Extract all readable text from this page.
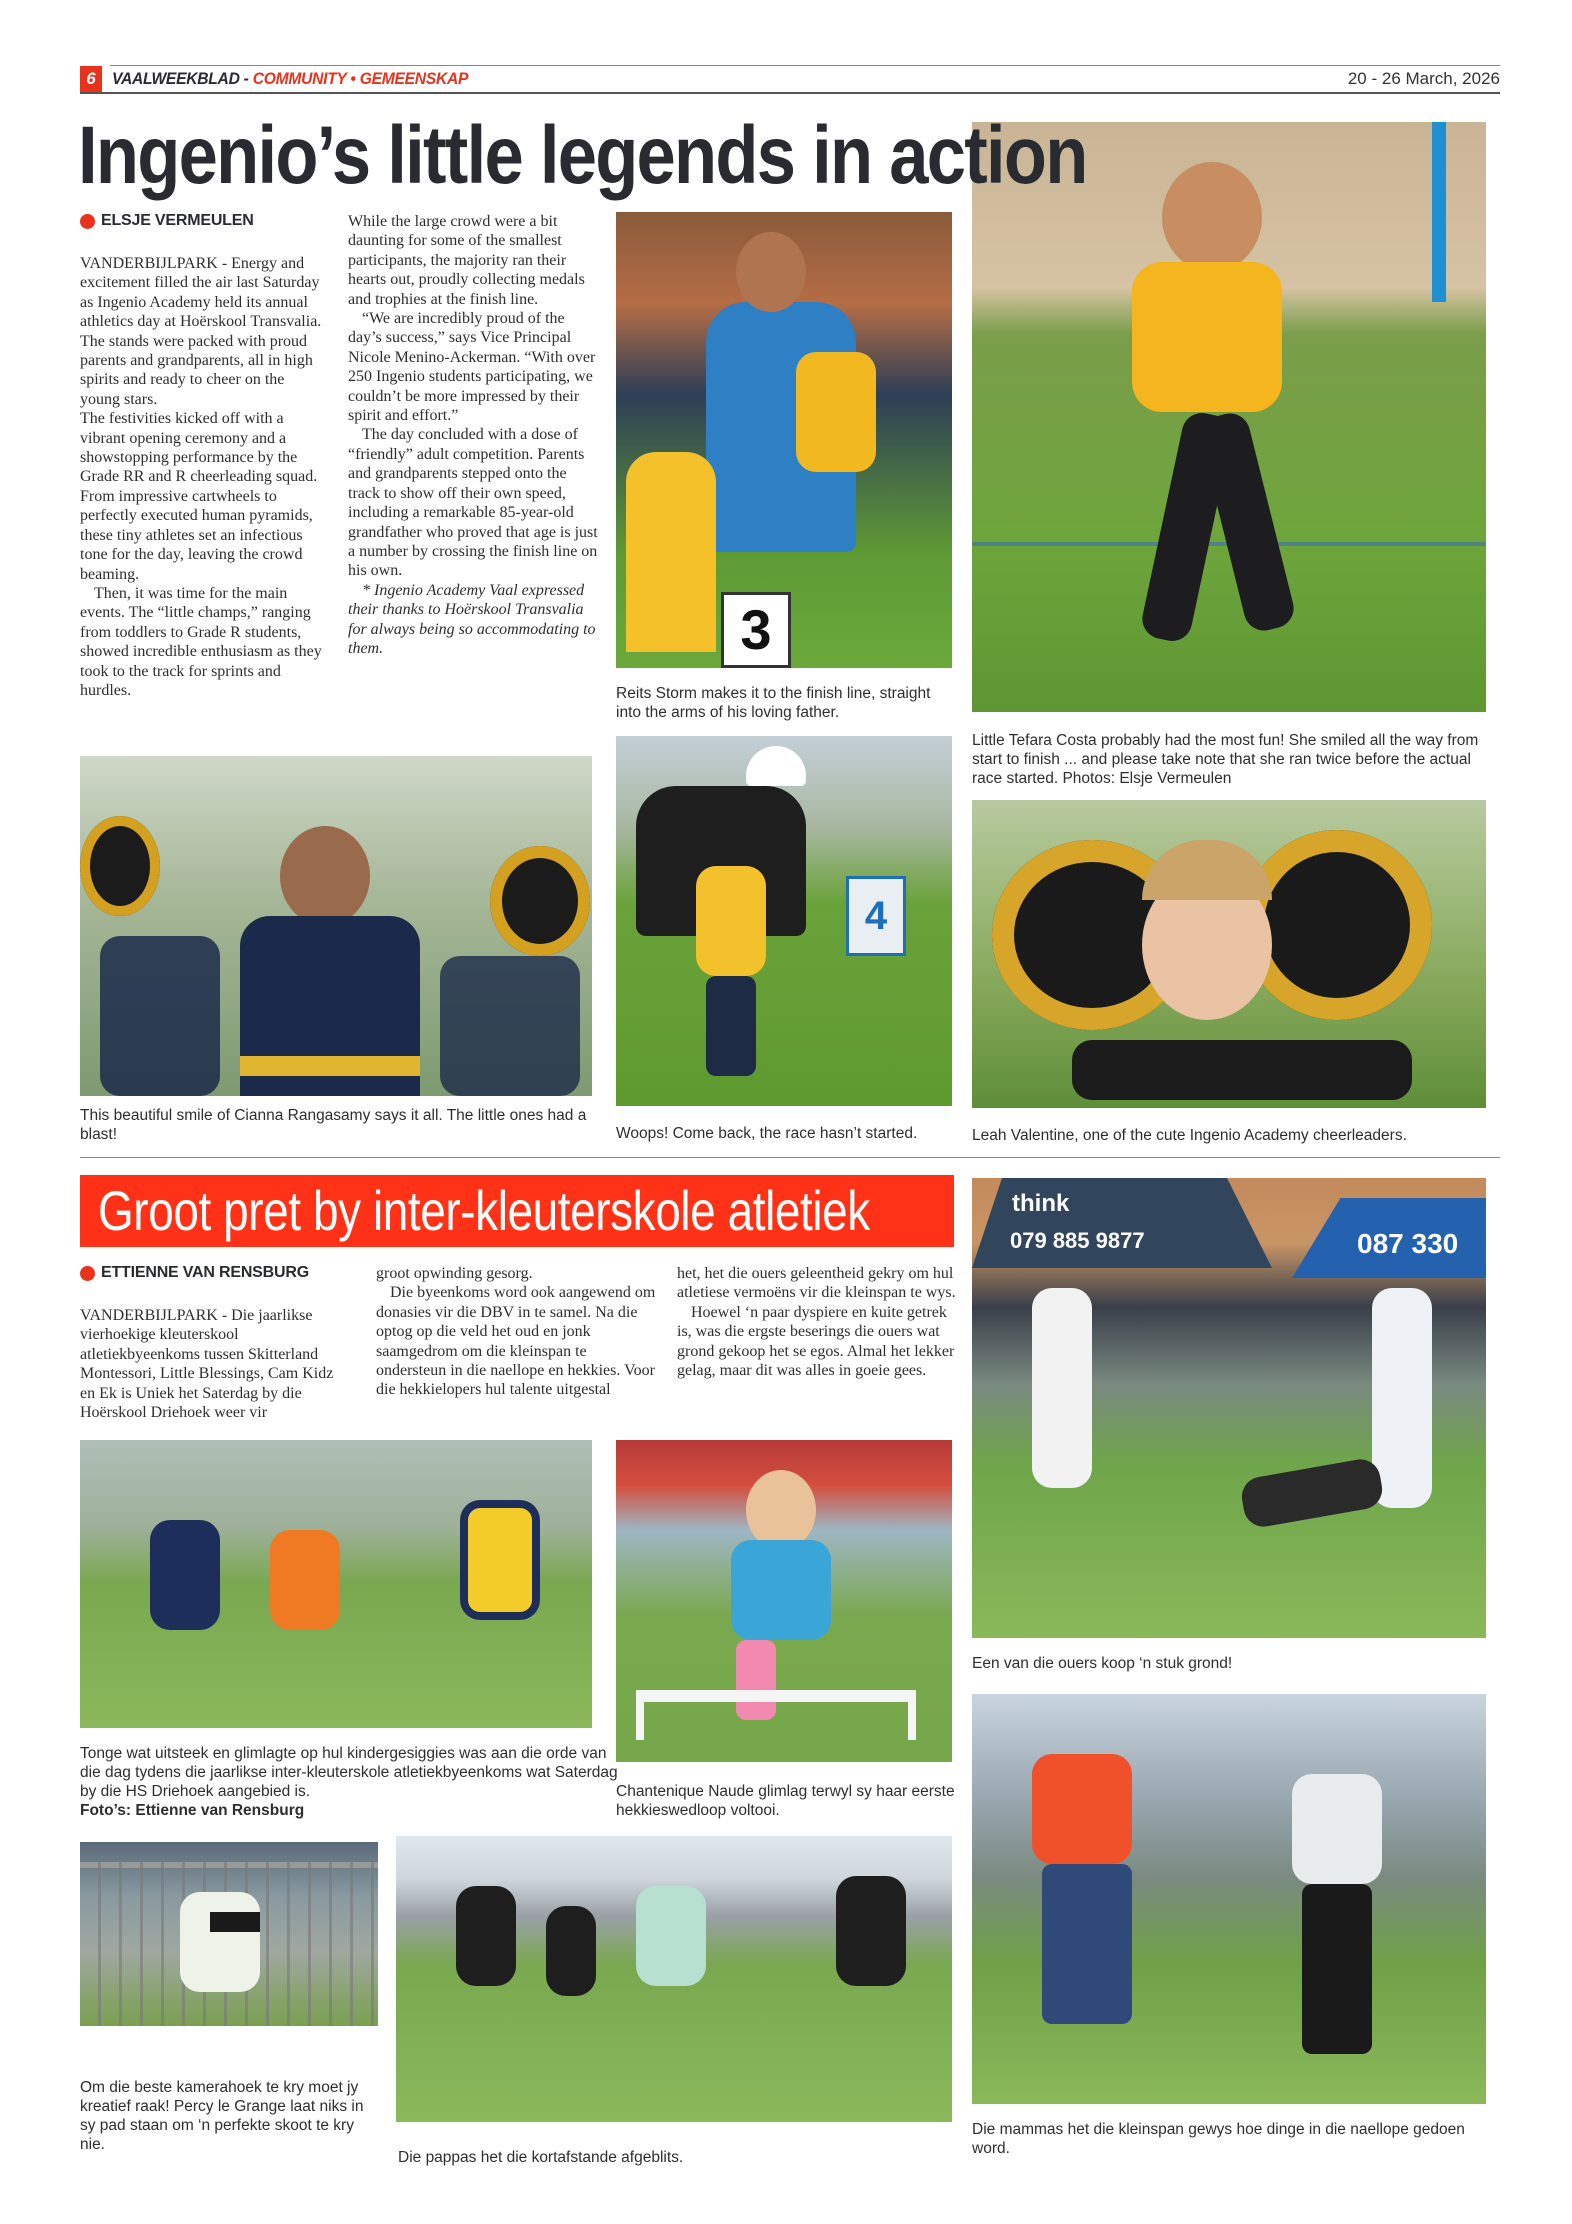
6 VAALWEEKBLAD - COMMUNITY • GEMEENSKAP	20 - 26 March, 2026
Ingenio’s little legends in action
ELSJE VERMEULEN

VANDERBIJLPARK - Energy and excitement filled the air last Saturday as Ingenio Academy held its annual athletics day at Hoërskool Transvalia.

The stands were packed with proud parents and grandparents, all in high spirits and ready to cheer on the young stars.

The festivities kicked off with a vibrant opening ceremony and a showstopping performance by the Grade RR and R cheerleading squad. From impressive cartwheels to perfectly executed human pyramids, these tiny athletes set an infectious tone for the day, leaving the crowd beaming.

Then, it was time for the main events. The “little champs,” ranging from toddlers to Grade R students, showed incredible enthusiasm as they took to the track for sprints and hurdles.

While the large crowd were a bit daunting for some of the smallest participants, the majority ran their hearts out, proudly collecting medals and trophies at the finish line.

“We are incredibly proud of the day’s success,” says Vice Principal Nicole Menino-Ackerman. “With over 250 Ingenio students participating, we couldn’t be more impressed by their spirit and effort.”

The day concluded with a dose of “friendly” adult competition. Parents and grandparents stepped onto the track to show off their own speed, including a remarkable 85-year-old grandfather who proved that age is just a number by crossing the finish line on his own.

* Ingenio Academy Vaal expressed their thanks to Hoërskool Transvalia for always being so accommodating to them.	3
Reits Storm makes it to the finish line, straight into the arms of his loving father.
Little Tefara Costa probably had the most fun! She smiled all the way from start to finish ... and please take note that she ran twice before the actual race started. Photos: Elsje Vermeulen
This beautiful smile of Cianna Rangasamy says it all. The little ones had a blast!
4
Woops! Come back, the race hasn’t started.	Leah Valentine, one of the cute Ingenio Academy cheerleaders.
Groot pret by inter-kleuterskole atletiek
ETTIENNE VAN RENSBURG

VANDERBIJLPARK - Die jaarlikse vierhoekige kleuterskool atletiekbyeenkoms tussen Skitterland Montessori, Little Blessings, Cam Kidz en Ek is Uniek het Saterdag by die Hoërskool Driehoek weer vir

groot opwinding gesorg.

Die byeenkoms word ook aangewend om donasies vir die DBV in te samel. Na die optog op die veld het oud en jonk saamgedrom om die kleinspan te ondersteun in die naellope en hekkies. Voor die hekkielopers hul talente uitgestal

het, het die ouers geleentheid gekry om hul atletiese vermoëns vir die kleinspan te wys.

Hoewel ‘n paar dyspiere en kuite getrek is, was die ergste beserings die ouers wat grond gekoop het se egos. Almal het lekker gelag, maar dit was alles in goeie gees.

think
079 885 9877	087 330
Een van die ouers koop ‘n stuk grond!
Tonge wat uitsteek en glimlagte op hul kindergesiggies was aan die orde van die dag tydens die jaarlikse inter-kleuterskole atletiekbyeenkoms wat Saterdag by die HS Driehoek aangebied is.
Foto’s: Ettienne van Rensburg
Chantenique Naude glimlag terwyl sy haar eerste hekkieswedloop voltooi.
Om die beste kamerahoek te kry moet jy kreatief raak! Percy le Grange laat niks in sy pad staan om ‘n perfekte skoot te kry nie.
Die pappas het die kortafstande afgeblits.
Die mammas het die kleinspan gewys hoe dinge in die naellope gedoen word.
